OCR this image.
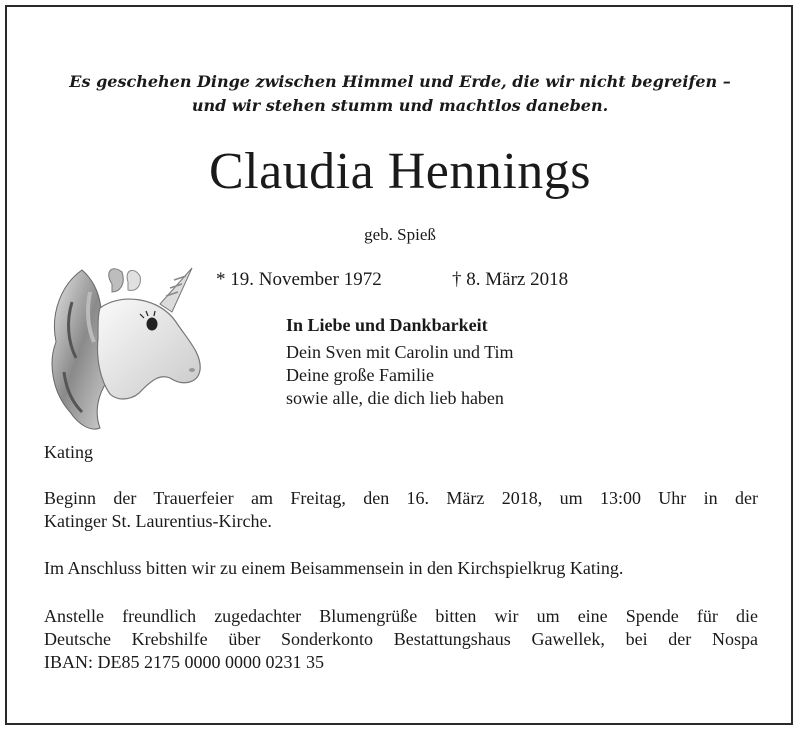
Es geschehen Dinge zwischen Himmel und Erde, die wir nicht begreifen –
und wir stehen stumm und machtlos daneben.
Claudia Hennings
geb. Spieß
* 19. November 1972	† 8. März 2018
In Liebe und Dankbarkeit
Dein Sven mit Carolin und Tim
Deine große Familie
sowie alle, die dich lieb haben
Kating
Beginn der Trauerfeier am Freitag, den 16. März 2018, um 13:00 Uhr in der
Katinger St. Laurentius-Kirche.
Im Anschluss bitten wir zu einem Beisammensein in den Kirchspielkrug Kating.
Anstelle freundlich zugedachter Blumengrüße bitten wir um eine Spende für die
Deutsche Krebshilfe über Sonderkonto Bestattungshaus Gawellek, bei der Nospa
IBAN: DE85 2175 0000 0000 0231 35
